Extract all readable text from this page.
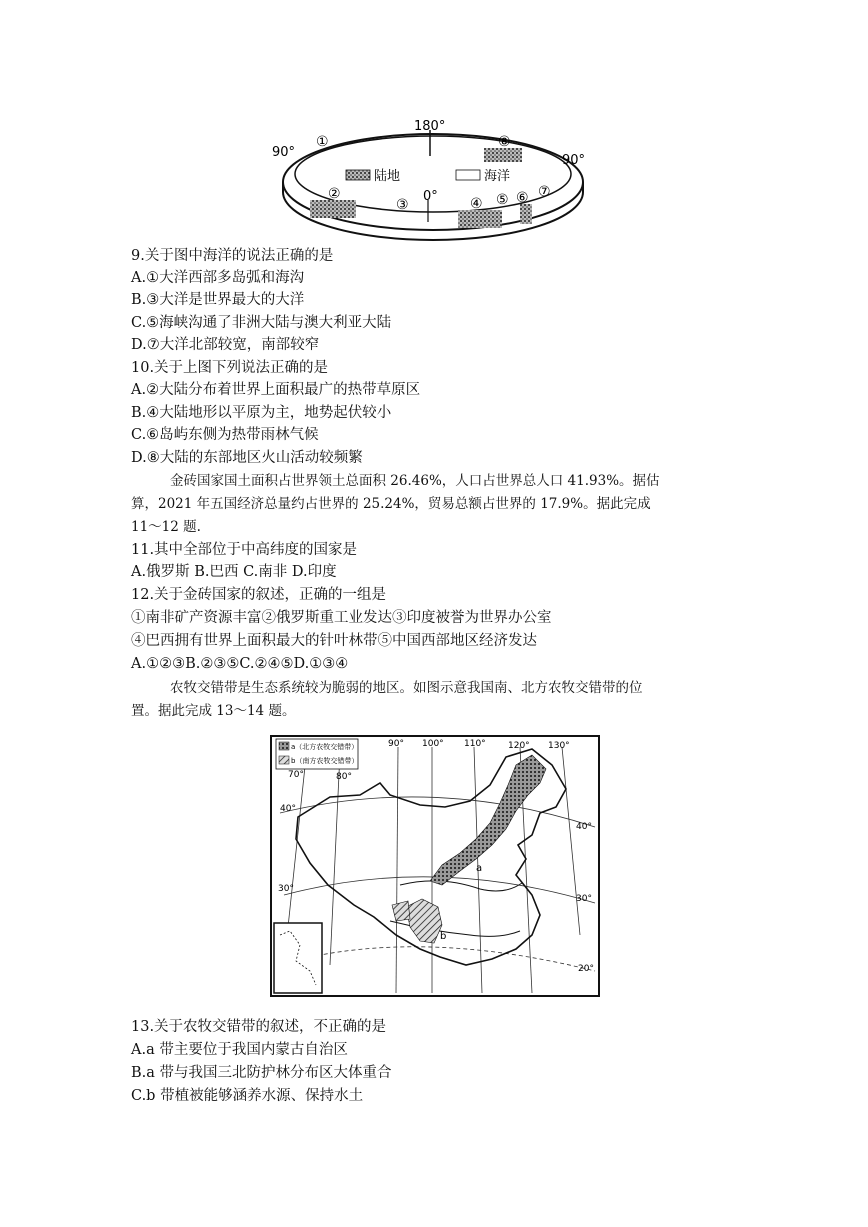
180°
90°
90°
0°
陆地	海洋
①	⑧
②
③	④ ⑤ ⑥ ⑦
9.关于图中海洋的说法正确的是
A.①大洋西部多岛弧和海沟
B.③大洋是世界最大的大洋
C.⑤海峡沟通了非洲大陆与澳大利亚大陆
D.⑦大洋北部较宽，南部较窄
10.关于上图下列说法正确的是
A.②大陆分布着世界上面积最广的热带草原区
B.④大陆地形以平原为主，地势起伏较小
C.⑥岛屿东侧为热带雨林气候
D.⑧大陆的东部地区火山活动较频繁
金砖国家国土面积占世界领土总面积 26.46%，人口占世界总人口 41.93%。据估
算，2021 年五国经济总量约占世界的 25.24%，贸易总额占世界的 17.9%。据此完成
11～12 题.
11.其中全部位于中高纬度的国家是
A.俄罗斯 B.巴西 C.南非 D.印度
12.关于金砖国家的叙述，正确的一组是
①南非矿产资源丰富②俄罗斯重工业发达③印度被誉为世界办公室
④巴西拥有世界上面积最大的针叶林带⑤中国西部地区经济发达
A.①②③B.②③⑤C.②④⑤D.①③④
农牧交错带是生态系统较为脆弱的地区。如图示意我国南、北方农牧交错带的位
置。据此完成 13～14 题。
a（北方农牧交错带）
b（南方农牧交错带）
70°	80°
90° 100° 110° 120° 130°
40°
40°
30°
30°
20°
a
b
13.关于农牧交错带的叙述，不正确的是
A.a 带主要位于我国内蒙古自治区
B.a 带与我国三北防护林分布区大体重合
C.b 带植被能够涵养水源、保持水土
